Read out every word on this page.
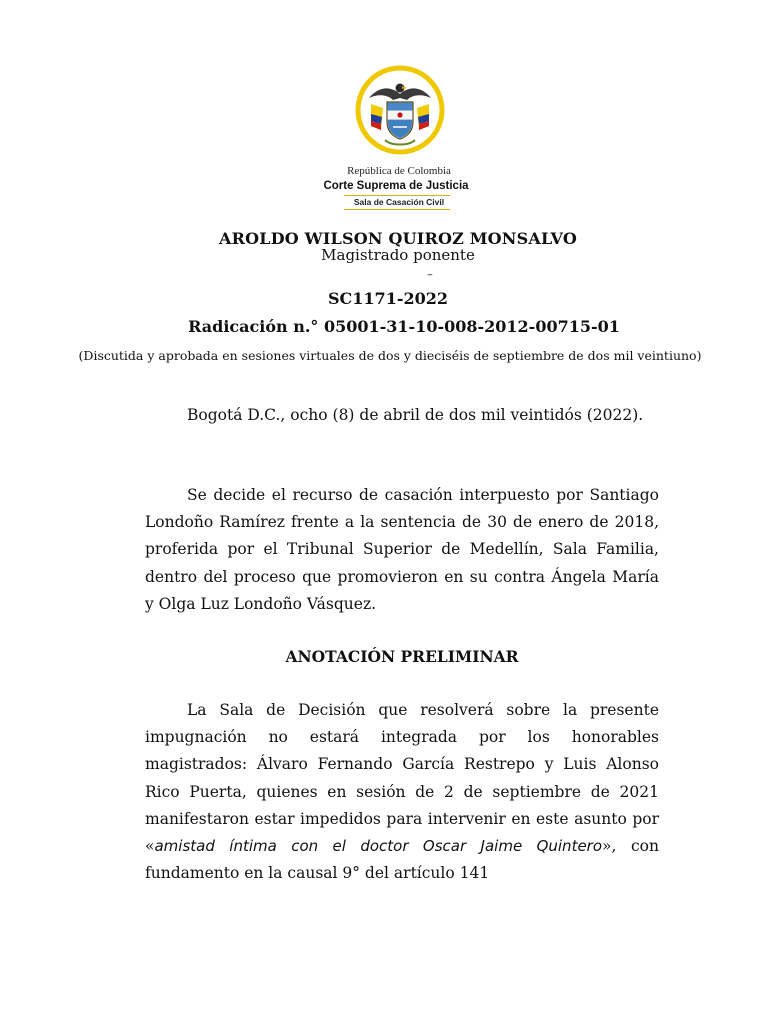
República de Colombia
Corte Suprema de Justicia
Sala de Casación Civil
AROLDO WILSON QUIROZ MONSALVO
Magistrado ponente
–
SC1171-2022
Radicación n.° 05001-31-10-008-2012-00715-01
(Discutida y aprobada en sesiones virtuales de dos y dieciséis de septiembre de dos mil veintiuno)

Bogotá D.C., ocho (8) de abril de dos mil veintidós (2022).

Se decide el recurso de casación interpuesto por Santiago Londoño Ramírez frente a la sentencia de 30 de enero de 2018, proferida por el Tribunal Superior de Medellín, Sala Familia, dentro del proceso que promovieron en su contra Ángela María y Olga Luz Londoño Vásquez.

ANOTACIÓN PRELIMINAR

La Sala de Decisión que resolverá sobre la presente impugnación no estará integrada por los honorables magistrados: Álvaro Fernando García Restrepo y Luis Alonso Rico Puerta, quienes en sesión de 2 de septiembre de 2021 manifestaron estar impedidos para intervenir en este asunto por «amistad íntima con el doctor Oscar Jaime Quintero», con fundamento en la causal 9° del artículo 141
